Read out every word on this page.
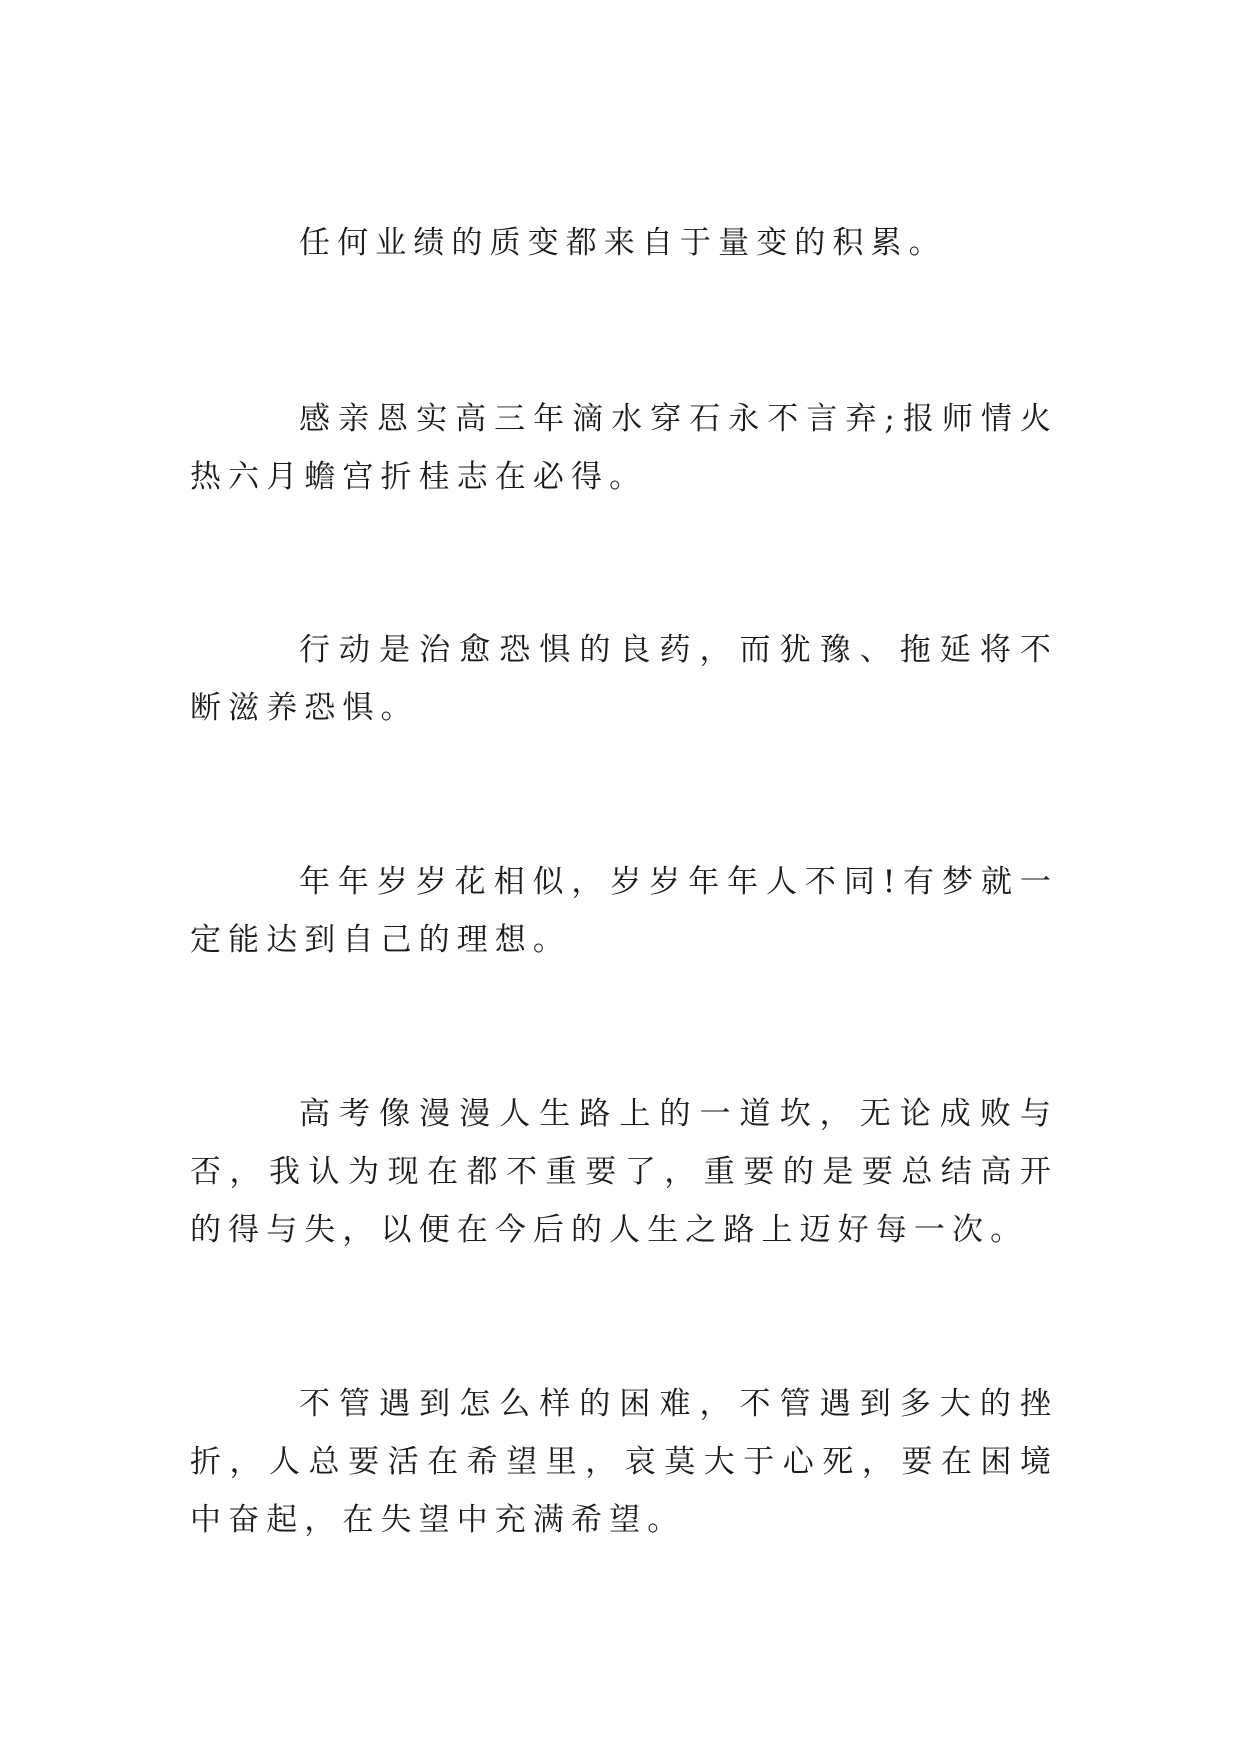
任何业绩的质变都来自于量变的积累。

感亲恩实高三年滴水穿石永不言弃;报师情火热六月蟾宫折桂志在必得。

行动是治愈恐惧的良药，而犹豫、拖延将不断滋养恐惧。

年年岁岁花相似，岁岁年年人不同!有梦就一定能达到自己的理想。

高考像漫漫人生路上的一道坎，无论成败与否，我认为现在都不重要了，重要的是要总结高开的得与失，以便在今后的人生之路上迈好每一次。

不管遇到怎么样的困难，不管遇到多大的挫折，人总要活在希望里，哀莫大于心死，要在困境中奋起，在失望中充满希望。
